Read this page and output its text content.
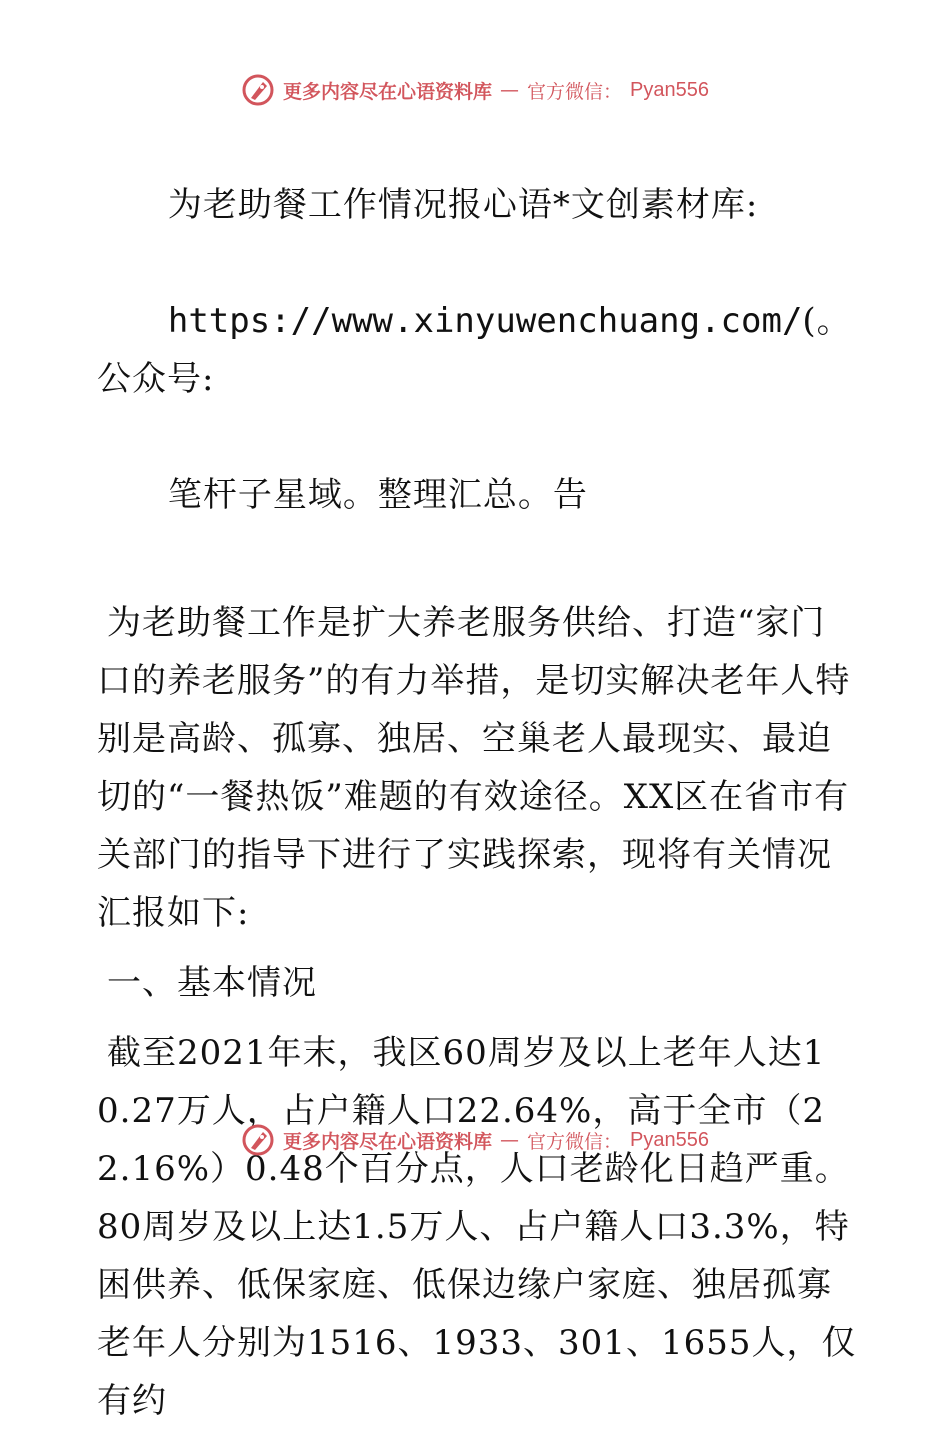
更多内容尽在心语资料库 — 官方微信： Pyan556

为老助餐工作情况报心语*文创素材库:

https://www.xinyuwenchuang.com/(。公众号:

笔杆子星域。整理汇总。告

为老助餐工作是扩大养老服务供给、打造“家门口的养老服务”的有力举措，是切实解决老年人特别是高龄、孤寡、独居、空巢老人最现实、最迫切的“一餐热饭”难题的有效途径。XX区在省市有关部门的指导下进行了实践探索，现将有关情况汇报如下:

一、基本情况

截至2021年末，我区60周岁及以上老年人达10.27万人，占户籍人口22.64%，高于全市（22.16%）0.48个百分点，人口老龄化日趋严重。80周岁及以上达1.5万人、占户籍人口3.3%，特困供养、低保家庭、低保边缘户家庭、独居孤寡老年人分别为1516、1933、301、1655人，仅有约

更多内容尽在心语资料库 — 官方微信： Pyan556
